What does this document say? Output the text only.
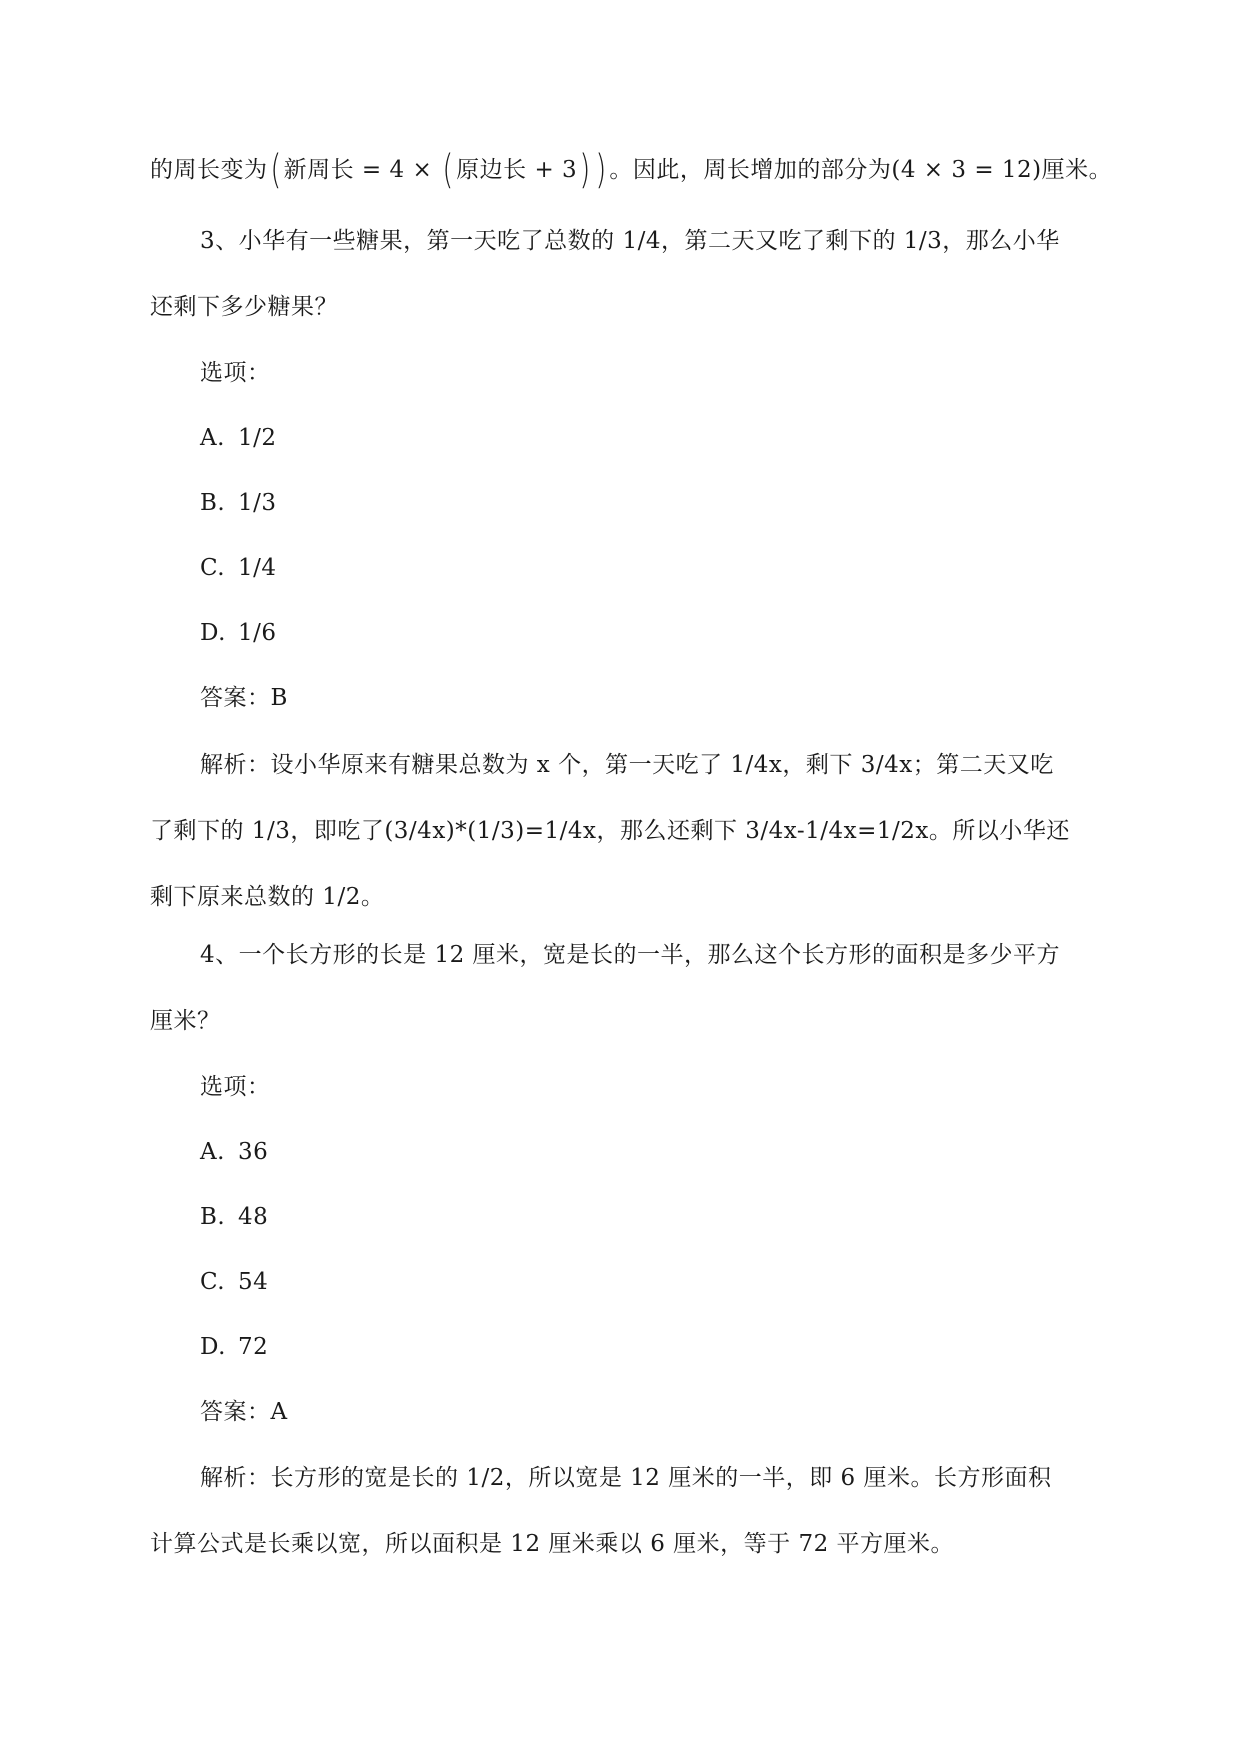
的周长变为( 新周长 = 4 × ( 原边长 + 3) ) 。因此，周长增加的部分为(4 × 3 = 12)厘米。
3、小华有一些糖果，第一天吃了总数的 1/4，第二天又吃了剩下的 1/3，那么小华
还剩下多少糖果？
选项：
A. 1/2
B. 1/3
C. 1/4
D. 1/6
答案：B
解析：设小华原来有糖果总数为 x 个，第一天吃了 1/4x，剩下 3/4x；第二天又吃
了剩下的 1/3，即吃了(3/4x)*(1/3)=1/4x，那么还剩下 3/4x-1/4x=1/2x。所以小华还
剩下原来总数的 1/2。
4、一个长方形的长是 12 厘米，宽是长的一半，那么这个长方形的面积是多少平方
厘米？
选项：
A. 36
B. 48
C. 54
D. 72
答案：A
解析：长方形的宽是长的 1/2，所以宽是 12 厘米的一半，即 6 厘米。长方形面积
计算公式是长乘以宽，所以面积是 12 厘米乘以 6 厘米，等于 72 平方厘米。
